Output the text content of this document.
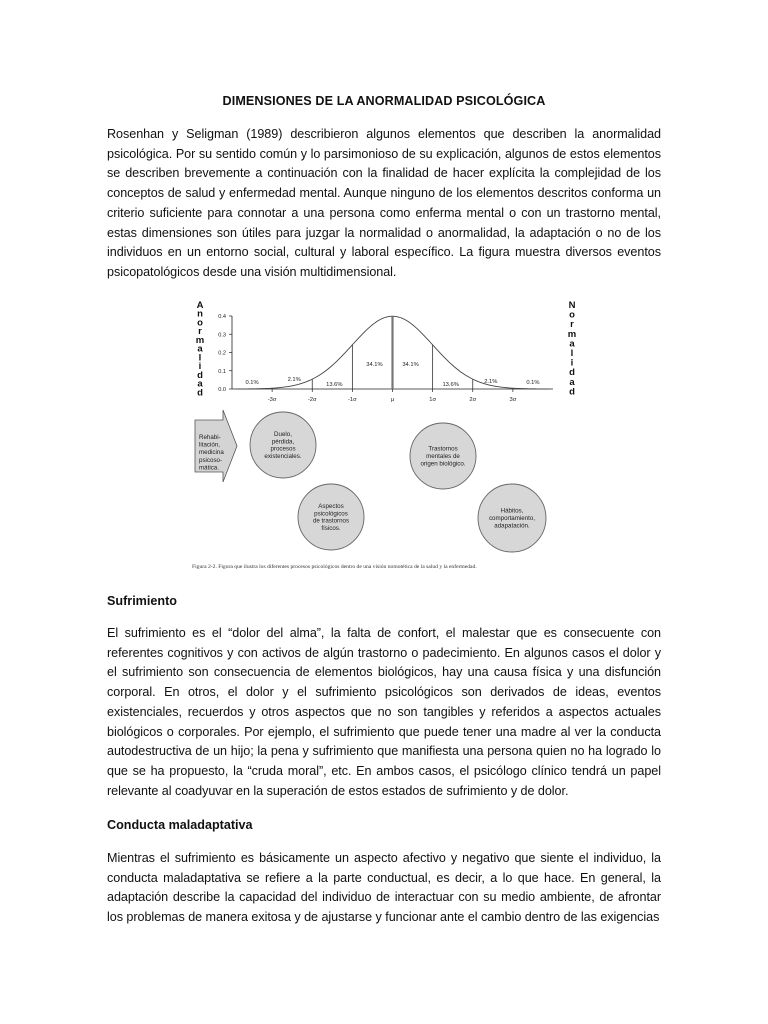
DIMENSIONES DE LA ANORMALIDAD PSICOLÓGICA
Rosenhan y Seligman (1989) describieron algunos elementos que describen la anormalidad psicológica. Por su sentido común y lo parsimonioso de su explicación, algunos de estos elementos se describen brevemente a continuación con la finalidad de hacer explícita la complejidad de los conceptos de salud y enfermedad mental. Aunque ninguno de los elementos descritos conforma un criterio suficiente para connotar a una persona como enferma mental o con un trastorno mental, estas dimensiones son útiles para juzgar la normalidad o anormalidad, la adaptación o no de los individuos en un entorno social, cultural y laboral específico. La figura muestra diversos eventos psicopatológicos desde una visión multidimensional.
A
n
o
r
m
a
l
i
d
a
d
N
o
r
m
a
l
i
d
a
d
0.0
0.1
0.2
0.3
0.4
-3σ	-2σ	-1σ	μ	1σ	2σ	3σ
0.1%	2.1%
13.6%
34.1%	34.1%
13.6%
2.1%	0.1%
Rehabi-litación, medicina psicoso-mática.
Duelo,
pérdida,
procesos
existenciales.
Trastornos
mentales de
origen biológico.
Aspectos
psicológicos
de trastornos
físicos.
Hábitos,
comportamiento,
adapatación.
Figura 2-2. Figura que ilustra los diferentes procesos psicológicos dentro de una visión nomotética de la salud y la enfermedad.
Sufrimiento
El sufrimiento es el “dolor del alma”, la falta de confort, el malestar que es consecuente con referentes cognitivos y con activos de algún trastorno o padecimiento. En algunos casos el dolor y el sufrimiento son consecuencia de elementos biológicos, hay una causa física y una disfunción corporal. En otros, el dolor y el sufrimiento psicológicos son derivados de ideas, eventos existenciales, recuerdos y otros aspectos que no son tangibles y referidos a aspectos actuales biológicos o corporales. Por ejemplo, el sufrimiento que puede tener una madre al ver la conducta autodestructiva de un hijo; la pena y sufrimiento que manifiesta una persona quien no ha logrado lo que se ha propuesto, la “cruda moral”, etc. En ambos casos, el psicólogo clínico tendrá un papel relevante al coadyuvar en la superación de estos estados de sufrimiento y de dolor.
Conducta maladaptativa
Mientras el sufrimiento es básicamente un aspecto afectivo y negativo que siente el individuo, la conducta maladaptativa se refiere a la parte conductual, es decir, a lo que hace. En general, la adaptación describe la capacidad del individuo de interactuar con su medio ambiente, de afrontar los problemas de manera exitosa y de ajustarse y funcionar ante el cambio dentro de las exigencias
